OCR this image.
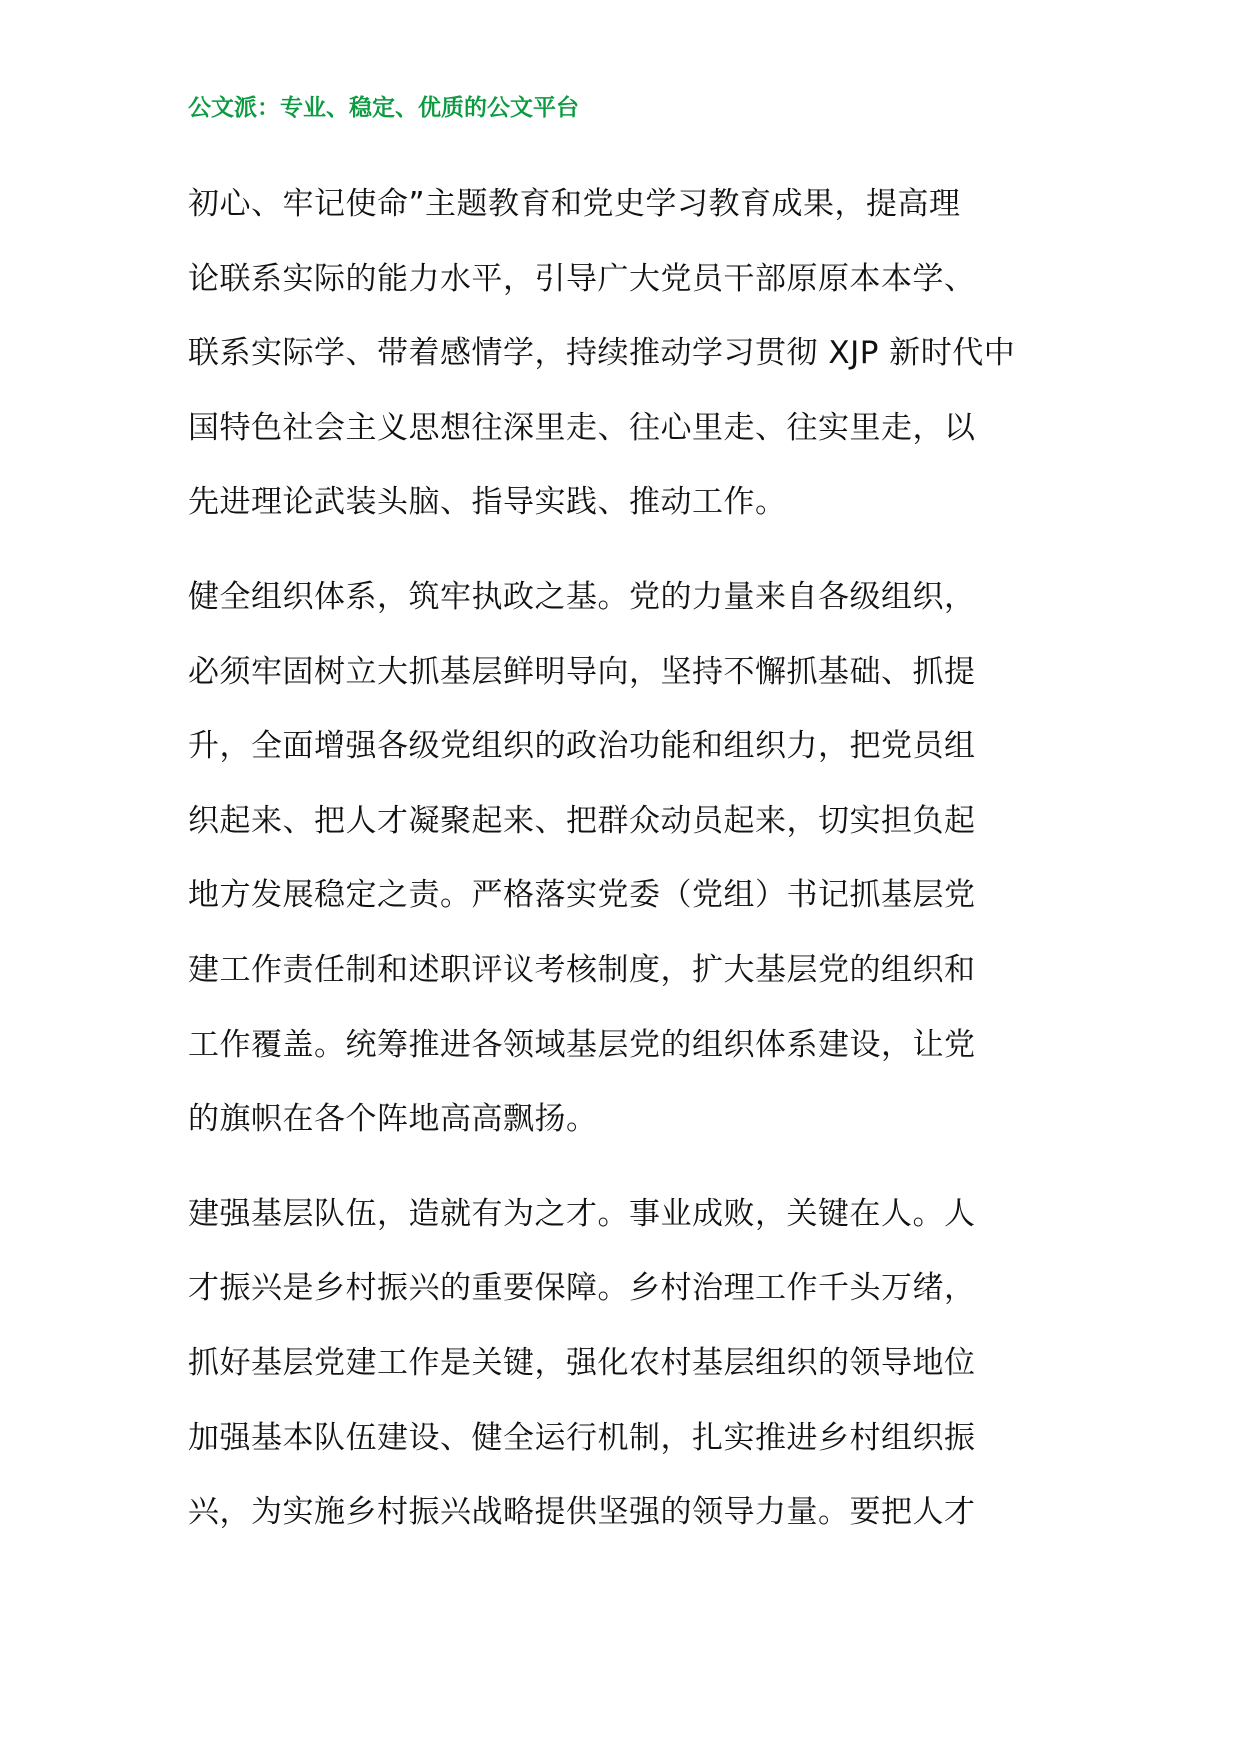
公文派：专业、稳定、优质的公文平台

初心、牢记使命”主题教育和党史学习教育成果，提高理
论联系实际的能力水平，引导广大党员干部原原本本学、
联系实际学、带着感情学，持续推动学习贯彻 XJP 新时代中
国特色社会主义思想往深里走、往心里走、往实里走，以
先进理论武装头脑、指导实践、推动工作。

健全组织体系，筑牢执政之基。党的力量来自各级组织，
必须牢固树立大抓基层鲜明导向，坚持不懈抓基础、抓提
升，全面增强各级党组织的政治功能和组织力，把党员组
织起来、把人才凝聚起来、把群众动员起来，切实担负起
地方发展稳定之责。严格落实党委（党组）书记抓基层党
建工作责任制和述职评议考核制度，扩大基层党的组织和
工作覆盖。统筹推进各领域基层党的组织体系建设，让党
的旗帜在各个阵地高高飘扬。

建强基层队伍，造就有为之才。事业成败，关键在人。人
才振兴是乡村振兴的重要保障。乡村治理工作千头万绪，
抓好基层党建工作是关键，强化农村基层组织的领导地位
加强基本队伍建设、健全运行机制，扎实推进乡村组织振
兴，为实施乡村振兴战略提供坚强的领导力量。要把人才
